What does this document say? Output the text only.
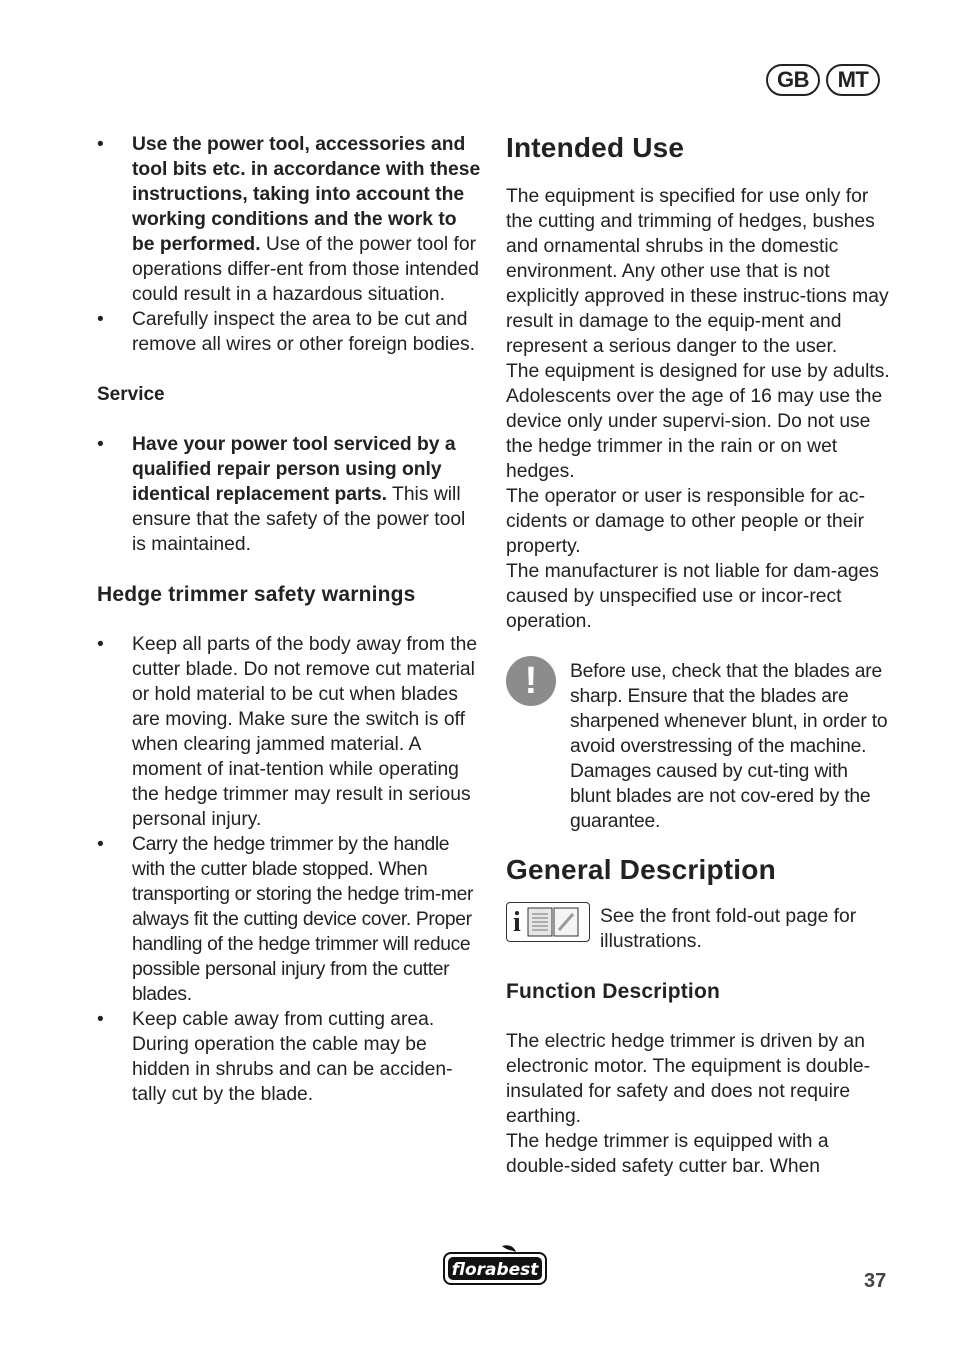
GB	MT
• Use the power tool, accessories and tool bits etc. in accordance with these instructions, taking into account the working conditions and the work to be performed. Use of the power tool for operations differ-ent from those intended could result in a hazardous situation.
• Carefully inspect the area to be cut and remove all wires or other foreign bodies.

Service

• Have your power tool serviced by a qualified repair person using only identical replacement parts. This will ensure that the safety of the power tool is maintained.
Hedge trimmer safety warnings
• Keep all parts of the body away from the cutter blade. Do not remove cut material or hold material to be cut when blades are moving. Make sure the switch is off when clearing jammed material. A moment of inat-tention while operating the hedge trimmer may result in serious personal injury.
• Carry the hedge trimmer by the handle with the cutter blade stopped. When transporting or storing the hedge trim-mer always fit the cutting device cover. Proper handling of the hedge trimmer will reduce possible personal injury from the cutter blades.
• Keep cable away from cutting area. During operation the cable may be hidden in shrubs and can be acciden-tally cut by the blade.
Intended Use

The equipment is specified for use only for the cutting and trimming of hedges, bushes and ornamental shrubs in the domestic environment. Any other use that is not explicitly approved in these instruc-tions may result in damage to the equip-ment and represent a serious danger to the user.

The equipment is designed for use by adults. Adolescents over the age of 16 may use the device only under supervi-sion. Do not use the hedge trimmer in the rain or on wet hedges.

The operator or user is responsible for ac-cidents or damage to other people or their property.

The manufacturer is not liable for dam-ages caused by unspecified use or incor-rect operation.

!	Before use, check that the blades are sharp. Ensure that the blades are sharpened whenever blunt, in order to avoid overstressing of the machine. Damages caused by cut-ting with blunt blades are not cov-ered by the guarantee.

General Description
i	See the front fold-out page for illustrations.

Function Description

The electric hedge trimmer is driven by an electronic motor. The equipment is double-insulated for safety and does not require earthing.

The hedge trimmer is equipped with a double-sided safety cutter bar. When

florabest	37
